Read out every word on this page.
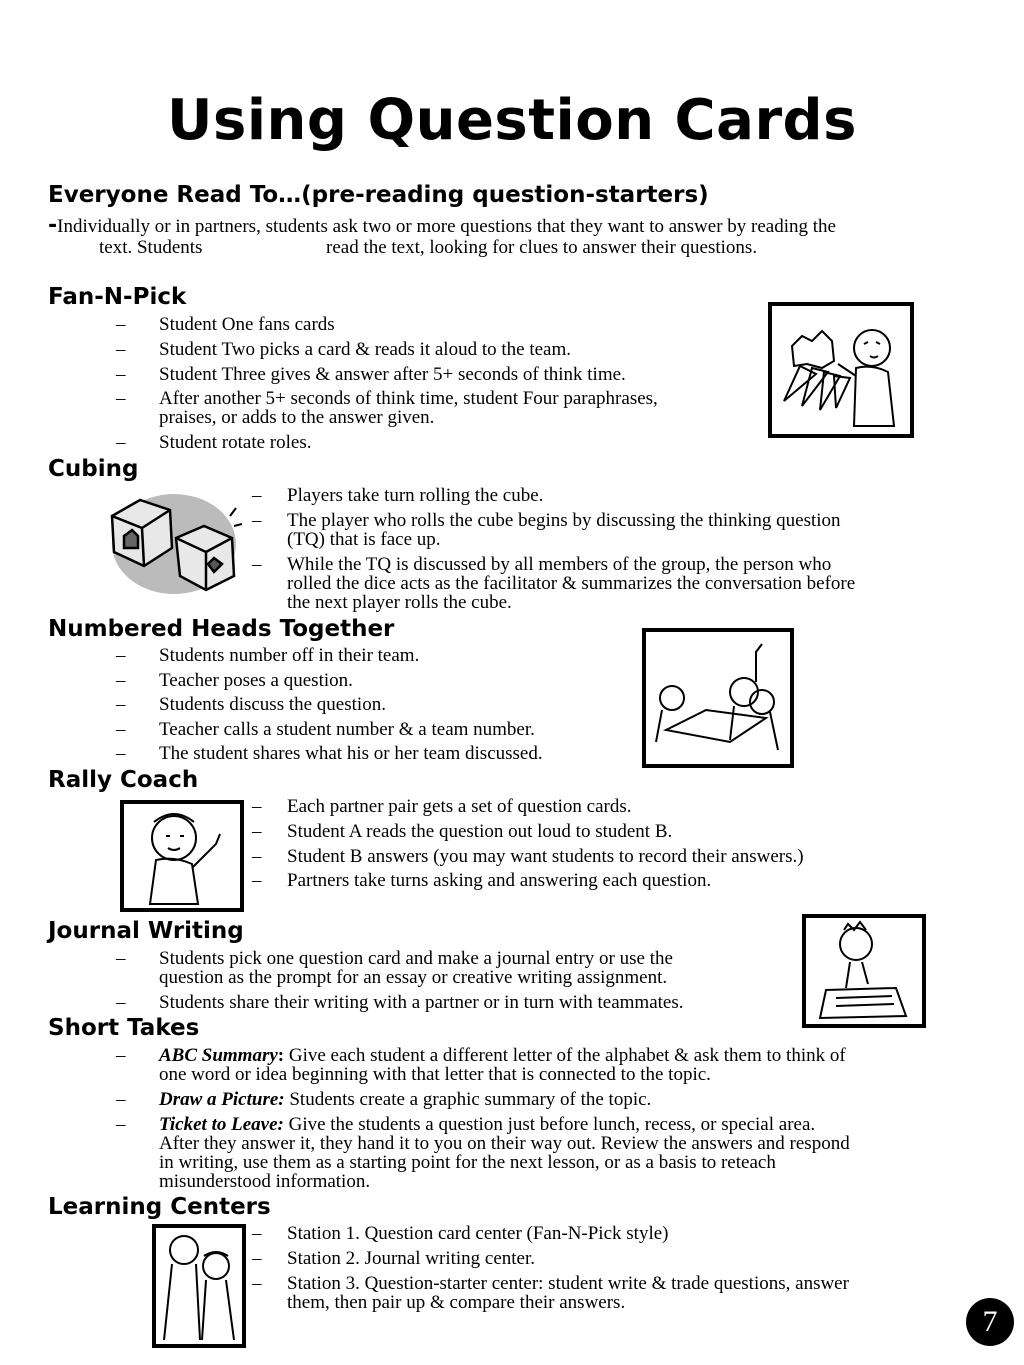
Using Question Cards
Everyone Read To…(pre-reading question-starters)
-Individually or in partners, students ask two or more questions that they want to answer by reading the
text. Students	read the text, looking for clues to answer their questions.
Fan-N-Pick
– Student One fans cards
– Student Two picks a card & reads it aloud to the team.
– Student Three gives & answer after 5+ seconds of think time.
– After another 5+ seconds of think time, student Four paraphrases,
praises, or adds to the answer given.
– Student rotate roles.
Cubing
– Players take turn rolling the cube.
– The player who rolls the cube begins by discussing the thinking question
(TQ) that is face up.
– While the TQ is discussed by all members of the group, the person who
rolled the dice acts as the facilitator & summarizes the conversation before
the next player rolls the cube.
Numbered Heads Together
– Students number off in their team.
– Teacher poses a question.
– Students discuss the question.
– Teacher calls a student number & a team number.
– The student shares what his or her team discussed.
Rally Coach
– Each partner pair gets a set of question cards.
– Student A reads the question out loud to student B.
– Student B answers (you may want students to record their answers.)
– Partners take turns asking and answering each question.
Journal Writing
– Students pick one question card and make a journal entry or use the
question as the prompt for an essay or creative writing assignment.
– Students share their writing with a partner or in turn with teammates.
Short Takes
– ABC Summary: Give each student a different letter of the alphabet & ask them to think of
one word or idea beginning with that letter that is connected to the topic.
– Draw a Picture: Students create a graphic summary of the topic.
– Ticket to Leave: Give the students a question just before lunch, recess, or special area.
After they answer it, they hand it to you on their way out. Review the answers and respond
in writing, use them as a starting point for the next lesson, or as a basis to reteach
misunderstood information.
Learning Centers
– Station 1. Question card center (Fan-N-Pick style)
– Station 2. Journal writing center.
– Station 3. Question-starter center: student write & trade questions, answer
them, then pair up & compare their answers.
7
